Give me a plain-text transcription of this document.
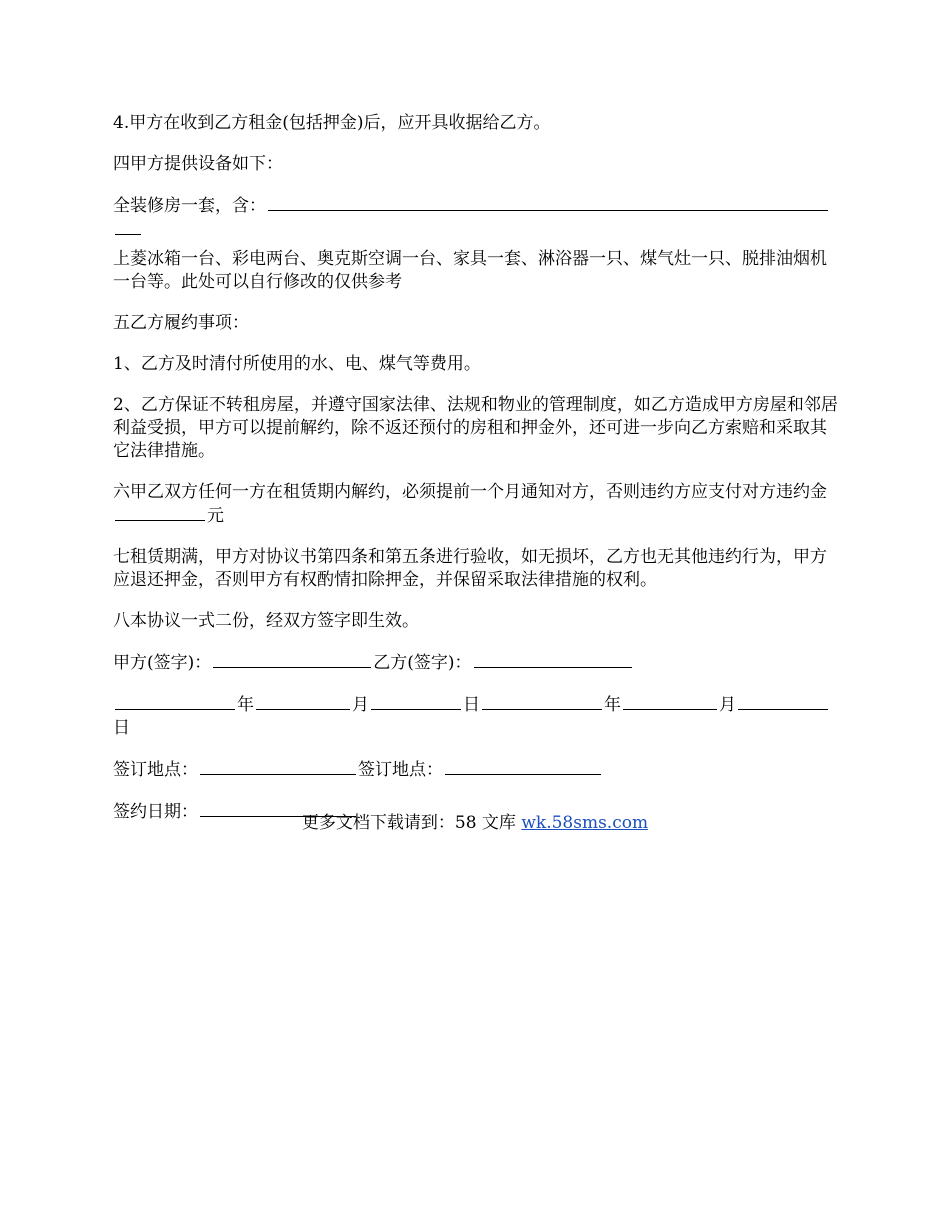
4.甲方在收到乙方租金(包括押金)后，应开具收据给乙方。

四甲方提供设备如下：

全装修房一套，含：

上菱冰箱一台、彩电两台、奥克斯空调一台、家具一套、淋浴器一只、煤气灶一只、脱排油烟机一台等。此处可以自行修改的仅供参考

五乙方履约事项：

1、乙方及时清付所使用的水、电、煤气等费用。

2、乙方保证不转租房屋，并遵守国家法律、法规和物业的管理制度，如乙方造成甲方房屋和邻居利益受损，甲方可以提前解约，除不返还预付的房租和押金外，还可进一步向乙方索赔和采取其它法律措施。

六甲乙双方任何一方在租赁期内解约，必须提前一个月通知对方，否则违约方应支付对方违约金元

七租赁期满，甲方对协议书第四条和第五条进行验收，如无损坏，乙方也无其他违约行为，甲方应退还押金，否则甲方有权酌情扣除押金，并保留采取法律措施的权利。

八本协议一式二份，经双方签字即生效。

甲方(签字)：	乙方(签字)：

年	月	日	年	月日

签订地点：	签订地点：

签约日期：

更多文档下载请到：58 文库 wk.58sms.com
